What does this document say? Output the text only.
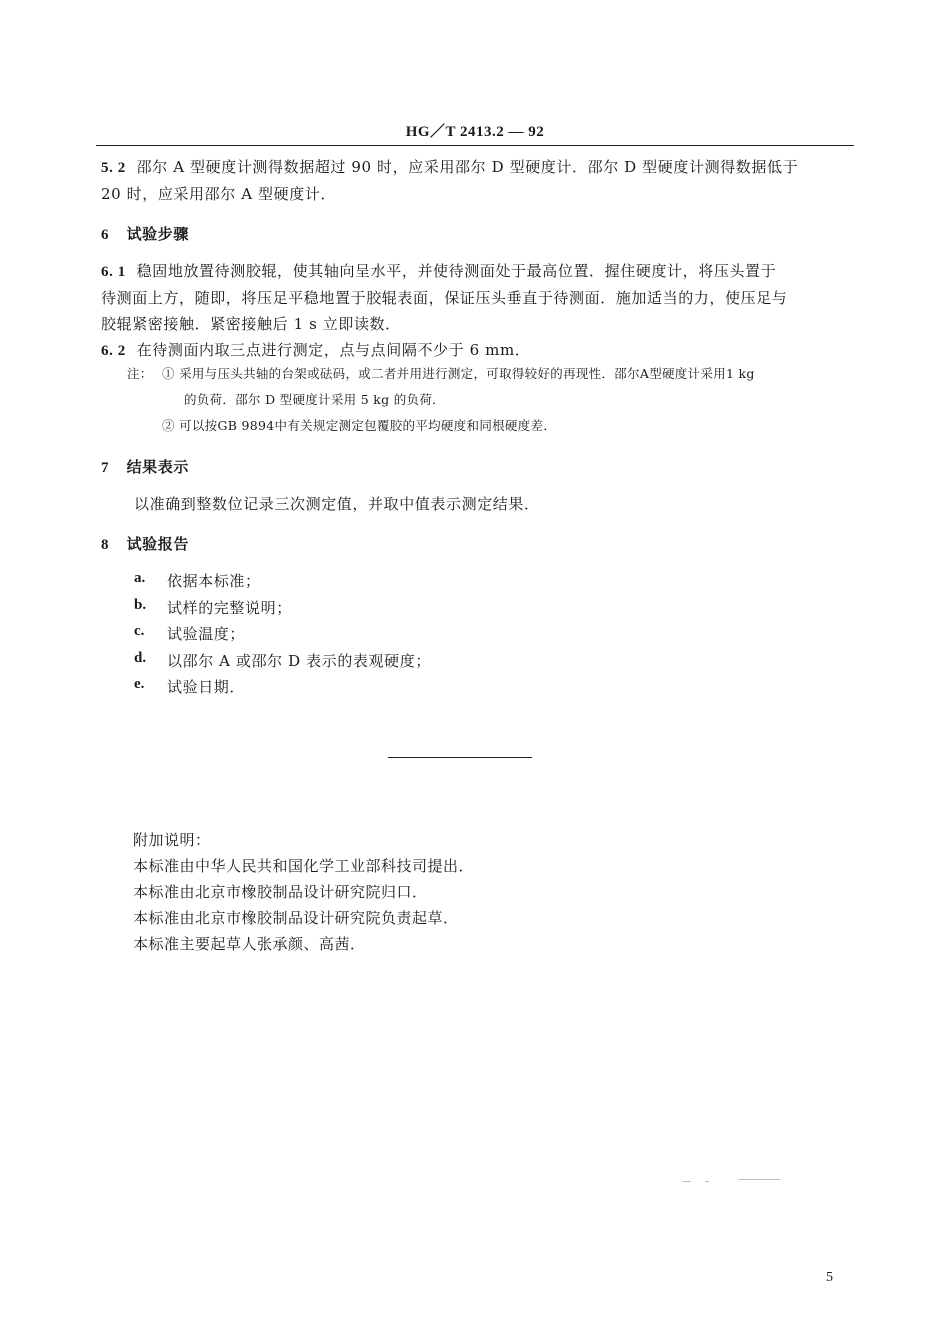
HG／T 2413.2 — 92
5. 2 邵尔 A 型硬度计测得数据超过 90 时，应采用邵尔 D 型硬度计．邵尔 D 型硬度计测得数据低于
20 时，应采用邵尔 A 型硬度计．
6 试验步骤
6. 1 稳固地放置待测胶辊，使其轴向呈水平，并使待测面处于最高位置．握住硬度计，将压头置于
待测面上方，随即，将压足平稳地置于胶辊表面，保证压头垂直于待测面．施加适当的力，使压足与
胶辊紧密接触．紧密接触后 1 s 立即读数．
6. 2 在待测面内取三点进行测定，点与点间隔不少于 6 mm．
注： ① 采用与压头共轴的台架或砝码，或二者并用进行测定，可取得较好的再现性．邵尔A型硬度计采用1 kg
的负荷．邵尔 D 型硬度计采用 5 kg 的负荷．
② 可以按GB 9894中有关规定测定包覆胶的平均硬度和同根硬度差．
7 结果表示
以准确到整数位记录三次测定值，并取中值表示测定结果．
8 试验报告
a. 依据本标准；
b. 试样的完整说明；
c. 试验温度；
d. 以邵尔 A 或邵尔 D 表示的表观硬度；
e. 试验日期．
附加说明：
本标准由中华人民共和国化学工业部科技司提出．
本标准由北京市橡胶制品设计研究院归口．
本标准由北京市橡胶制品设计研究院负责起草．
本标准主要起草人张承颜、高茜．
5
